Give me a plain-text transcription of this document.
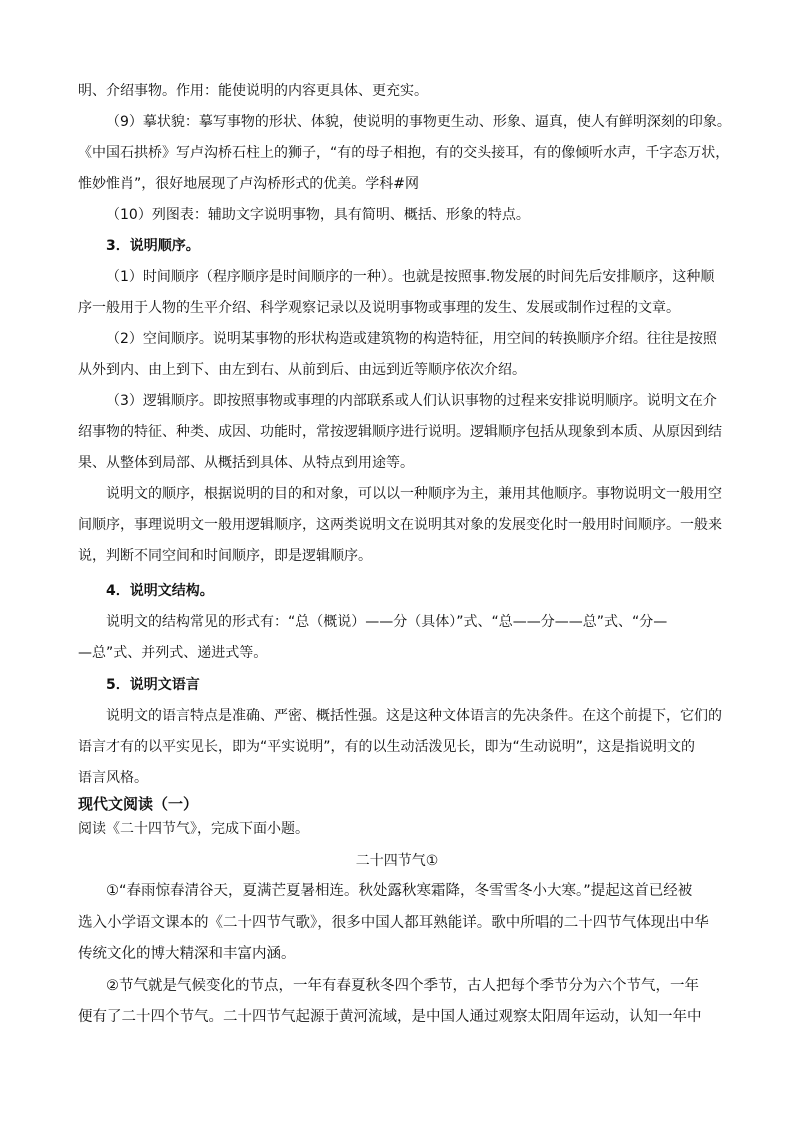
明、介绍事物。作用：能使说明的内容更具体、更充实。
（9）摹状貌：摹写事物的形状、体貌，使说明的事物更生动、形象、逼真，使人有鲜明深刻的印象。
《中国石拱桥》写卢沟桥石柱上的狮子，“有的母子相抱，有的交头接耳，有的像倾听水声，千字态万状，
惟妙惟肖”，很好地展现了卢沟桥形式的优美。学科#网
（10）列图表：辅助文字说明事物，具有简明、概括、形象的特点。
3．说明顺序。
（1）时间顺序（程序顺序是时间顺序的一种）。也就是按照事.物发展的时间先后安排顺序，这种顺
序一般用于人物的生平介绍、科学观察记录以及说明事物或事理的发生、发展或制作过程的文章。
（2）空间顺序。说明某事物的形状构造或建筑物的构造特征，用空间的转换顺序介绍。往往是按照
从外到内、由上到下、由左到右、从前到后、由远到近等顺序依次介绍。
（3）逻辑顺序。即按照事物或事理的内部联系或人们认识事物的过程来安排说明顺序。说明文在介
绍事物的特征、种类、成因、功能时，常按逻辑顺序进行说明。逻辑顺序包括从现象到本质、从原因到结
果、从整体到局部、从概括到具体、从特点到用途等。
说明文的顺序，根据说明的目的和对象，可以以一种顺序为主，兼用其他顺序。事物说明文一般用空
间顺序，事理说明文一般用逻辑顺序，这两类说明文在说明其对象的发展变化时一般用时间顺序。一般来
说，判断不同空间和时间顺序，即是逻辑顺序。
4．说明文结构。
说明文的结构常见的形式有：“总（概说）——分（具体）”式、“总——分——总”式、“分—
—总”式、并列式、递进式等。
5．说明文语言
说明文的语言特点是准确、严密、概括性强。这是这种文体语言的先决条件。在这个前提下，它们的
语言才有的以平实见长，即为“平实说明”，有的以生动活泼见长，即为“生动说明”，这是指说明文的
语言风格。
现代文阅读（一）
阅读《二十四节气》，完成下面小题。
二十四节气①
①“春雨惊春清谷天，夏满芒夏暑相连。秋处露秋寒霜降，冬雪雪冬小大寒。”提起这首已经被
选入小学语文课本的《二十四节气歌》，很多中国人都耳熟能详。歌中所唱的二十四节气体现出中华
传统文化的博大精深和丰富内涵。
②节气就是气候变化的节点，一年有春夏秋冬四个季节，古人把每个季节分为六个节气，一年
便有了二十四个节气。二十四节气起源于黄河流域，是中国人通过观察太阳周年运动，认知一年中
